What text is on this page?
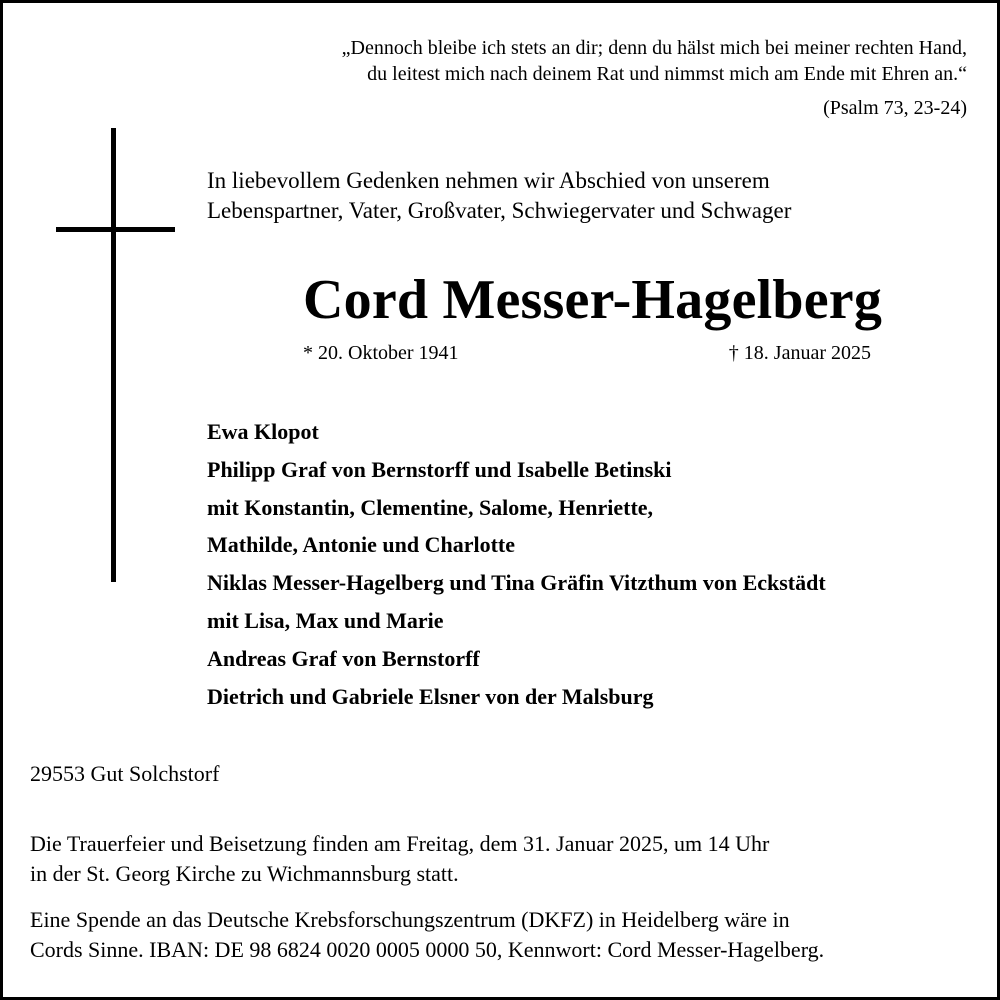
„Dennoch bleibe ich stets an dir; denn du hälst mich bei meiner rechten Hand,
du leitest mich nach deinem Rat und nimmst mich am Ende mit Ehren an.“
(Psalm 73, 23-24)
In liebevollem Gedenken nehmen wir Abschied von unserem
Lebenspartner, Vater, Großvater, Schwiegervater und Schwager
Cord Messer-Hagelberg
* 20. Oktober 1941	† 18. Januar 2025
Ewa Klopot
Philipp Graf von Bernstorff und Isabelle Betinski
mit Konstantin, Clementine, Salome, Henriette,
Mathilde, Antonie und Charlotte
Niklas Messer-Hagelberg und Tina Gräfin Vitzthum von Eckstädt
mit Lisa, Max und Marie
Andreas Graf von Bernstorff
Dietrich und Gabriele Elsner von der Malsburg
29553 Gut Solchstorf
Die Trauerfeier und Beisetzung finden am Freitag, dem 31. Januar 2025, um 14 Uhr
in der St. Georg Kirche zu Wichmannsburg statt.
Eine Spende an das Deutsche Krebsforschungszentrum (DKFZ) in Heidelberg wäre in
Cords Sinne. IBAN: DE 98 6824 0020 0005 0000 50, Kennwort: Cord Messer-Hagelberg.
